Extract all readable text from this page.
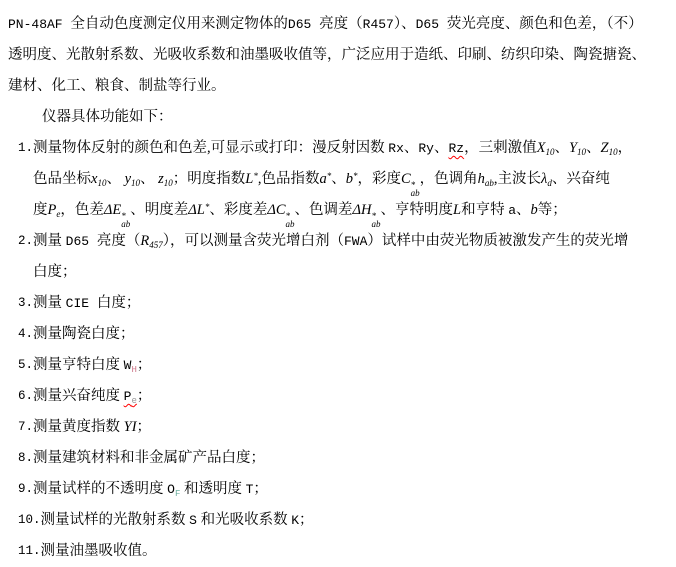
PN-48AF 全自动色度测定仪用来测定物体的D65 亮度（R457）、D65 荧光亮度、颜色和色差，（不）
透明度、光散射系数、光吸收系数和油墨吸收值等，广泛应用于造纸、印刷、纺织印染、陶瓷搪瓷、
建材、化工、粮食、制盐等行业。
仪器具体功能如下：
1. 测量物体反射的颜色和色差,可显示或打印：漫反射因数 Rx、Ry、Rz，三刺激值$X_{10}$、$Y_{10}$、$Z_{10}$，
色品坐标$x_{10}$、 $y_{10}$、 $z_{10}$；明度指数L*,色品指数a*、b*，彩度C *
ab
，色调角$h_{ab}$,主波长$\lambda_d$、兴奋纯
度$P_e$，色差ΔE *
ab
、明度差ΔL*、彩度差ΔC *
ab
、色调差ΔH *
ab
、亨特明度L和亨特 a、b等；
2. 测量 D65 亮度$(R_{457})$，可以测量含荧光增白剂（FWA）试样中由荧光物质被激发产生的荧光增
白度；
3. 测量 CIE 白度；
4. 测量陶瓷白度；
5. 测量亨特白度 $W_H$；
6. 测量兴奋纯度 $P_e$；
7. 测量黄度指数 YI；
8. 测量建筑材料和非金属矿产品白度；
9. 测量试样的不透明度 $O_F$ 和透明度 T；
10. 测量试样的光散射系数 S 和光吸收系数 K；
11. 测量油墨吸收值。
